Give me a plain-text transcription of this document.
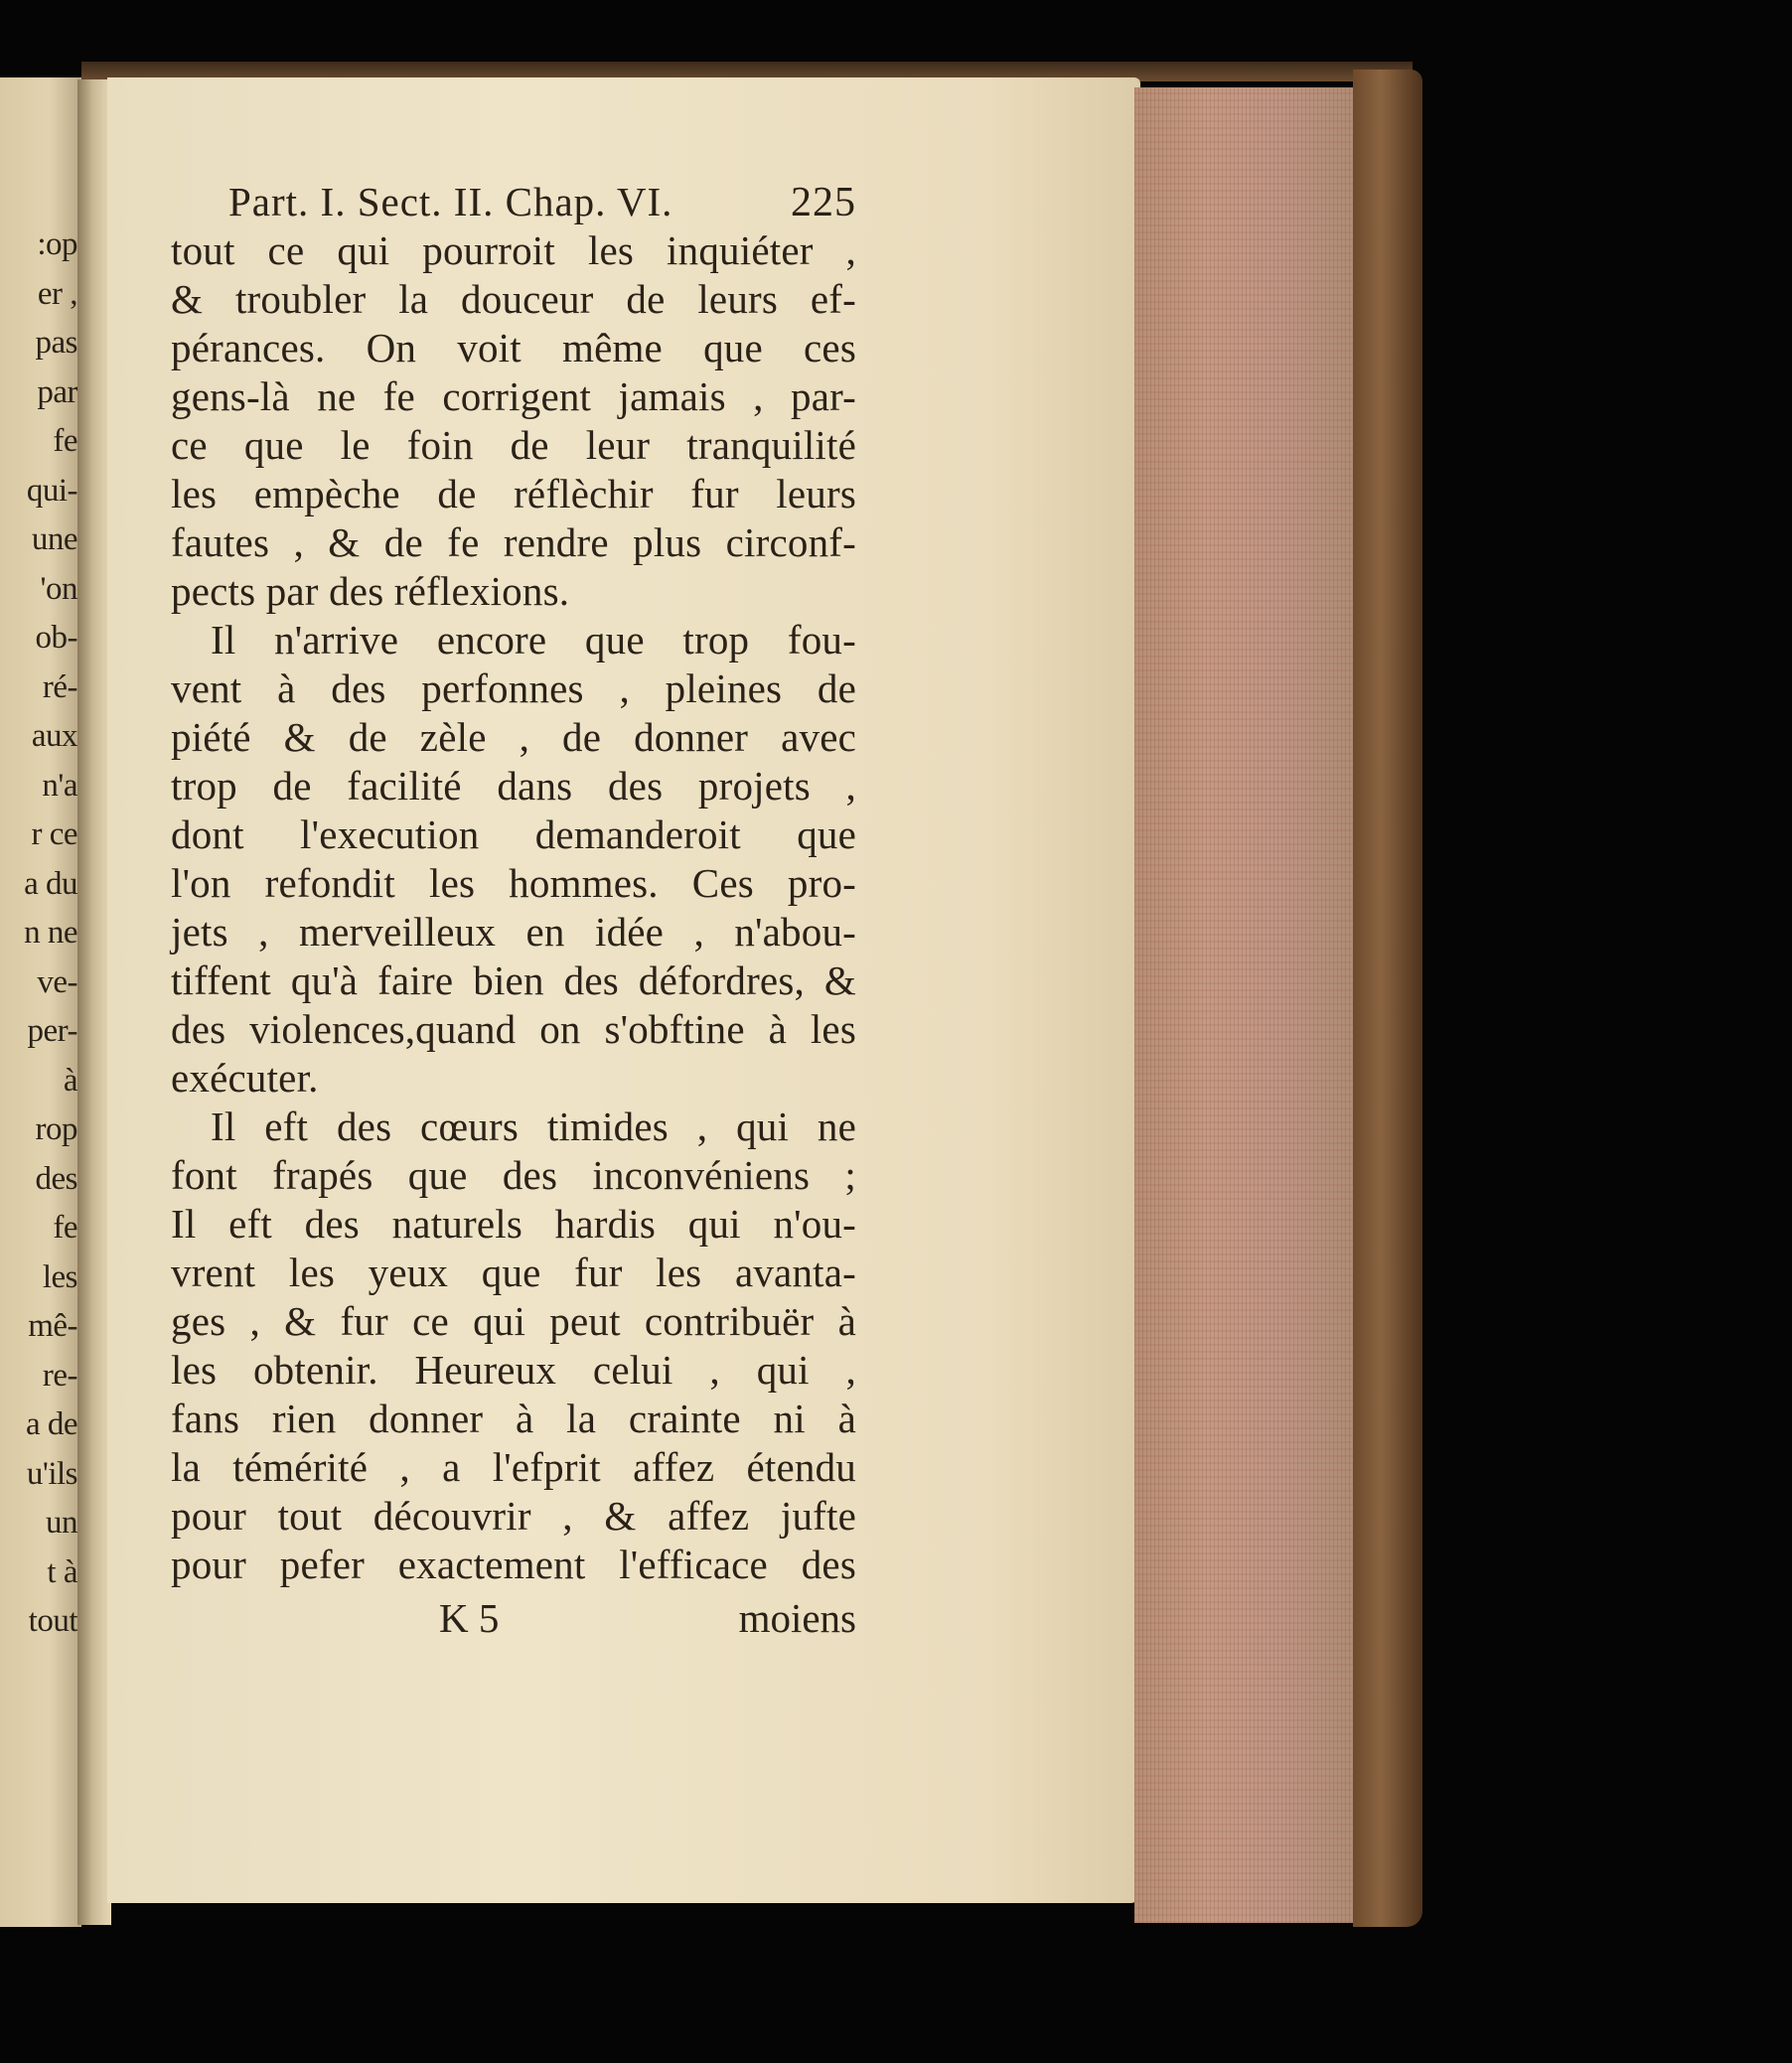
:op
er ,
pas
par
fe
qui-
une
'on
ob-
ré-
aux
n'a
r ce
a du
n ne
ve-
per-
à
rop
des
fe
les
mê-
re-
a de
u'ils
un
t à
tout
Part. I. Sect. II. Chap. VI.	225
tout ce qui pourroit les inquiéter ,
& troubler la douceur de leurs ef-
pérances. On voit même que ces
gens-là ne fe corrigent jamais , par-
ce que le foin de leur tranquilité
les empèche de réflèchir fur leurs
fautes , & de fe rendre plus circonf-
pects par des réflexions.
Il n'arrive encore que trop fou-
vent à des perfonnes , pleines de
piété & de zèle , de donner avec
trop de facilité dans des projets ,
dont l'execution demanderoit que
l'on refondit les hommes. Ces pro-
jets , merveilleux en idée , n'abou-
tiffent qu'à faire bien des défordres, &
des violences,quand on s'obftine à les
exécuter.
Il eft des cœurs timides , qui ne
font frapés que des inconvéniens ;
Il eft des naturels hardis qui n'ou-
vrent les yeux que fur les avanta-
ges , & fur ce qui peut contribuër à
les obtenir. Heureux celui , qui ,
fans rien donner à la crainte ni à
la témérité , a l'efprit affez étendu
pour tout découvrir , & affez jufte
pour pefer exactement l'efficace des
K 5	moiens
